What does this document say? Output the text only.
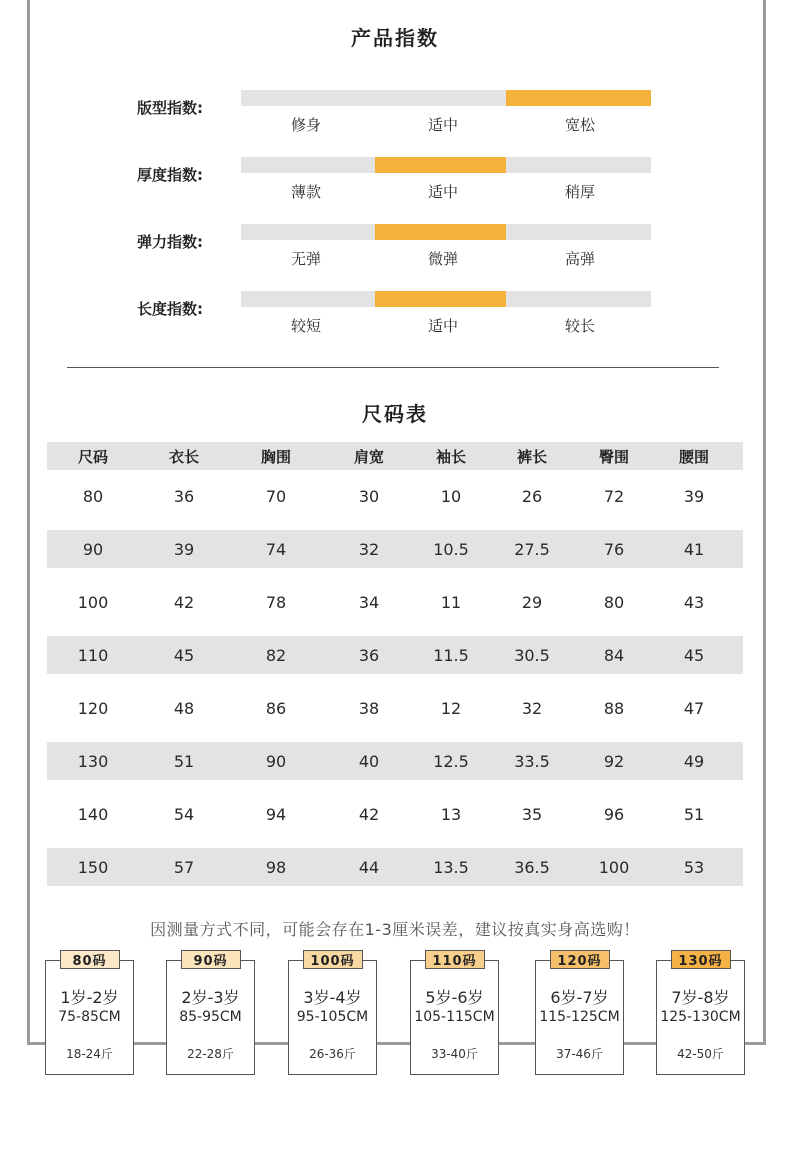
产品指数
版型指数:
修身	适中	宽松
厚度指数:
薄款	适中	稍厚
弹力指数:
无弹	微弹	高弹
长度指数:
较短	适中	较长
尺码表
尺码	衣长	胸围	肩宽	袖长	裤长	臀围	腰围
80	36	70	30	10	26	72	39
90	39	74	32	10.5	27.5	76	41
100	42	78	34	11	29	80	43
110	45	82	36	11.5	30.5	84	45
120	48	86	38	12	32	88	47
130	51	90	40	12.5	33.5	92	49
140	54	94	42	13	35	96	51
150	57	98	44	13.5	36.5	100	53
因测量方式不同，可能会存在1-3厘米误差，建议按真实身高选购！
80码
1岁-2岁
75-85CM
18-24斤
90码
2岁-3岁
85-95CM
22-28斤
100码
3岁-4岁
95-105CM
26-36斤
110码
5岁-6岁
105-115CM
33-40斤
120码
6岁-7岁
115-125CM
37-46斤
130码
7岁-8岁
125-130CM
42-50斤
